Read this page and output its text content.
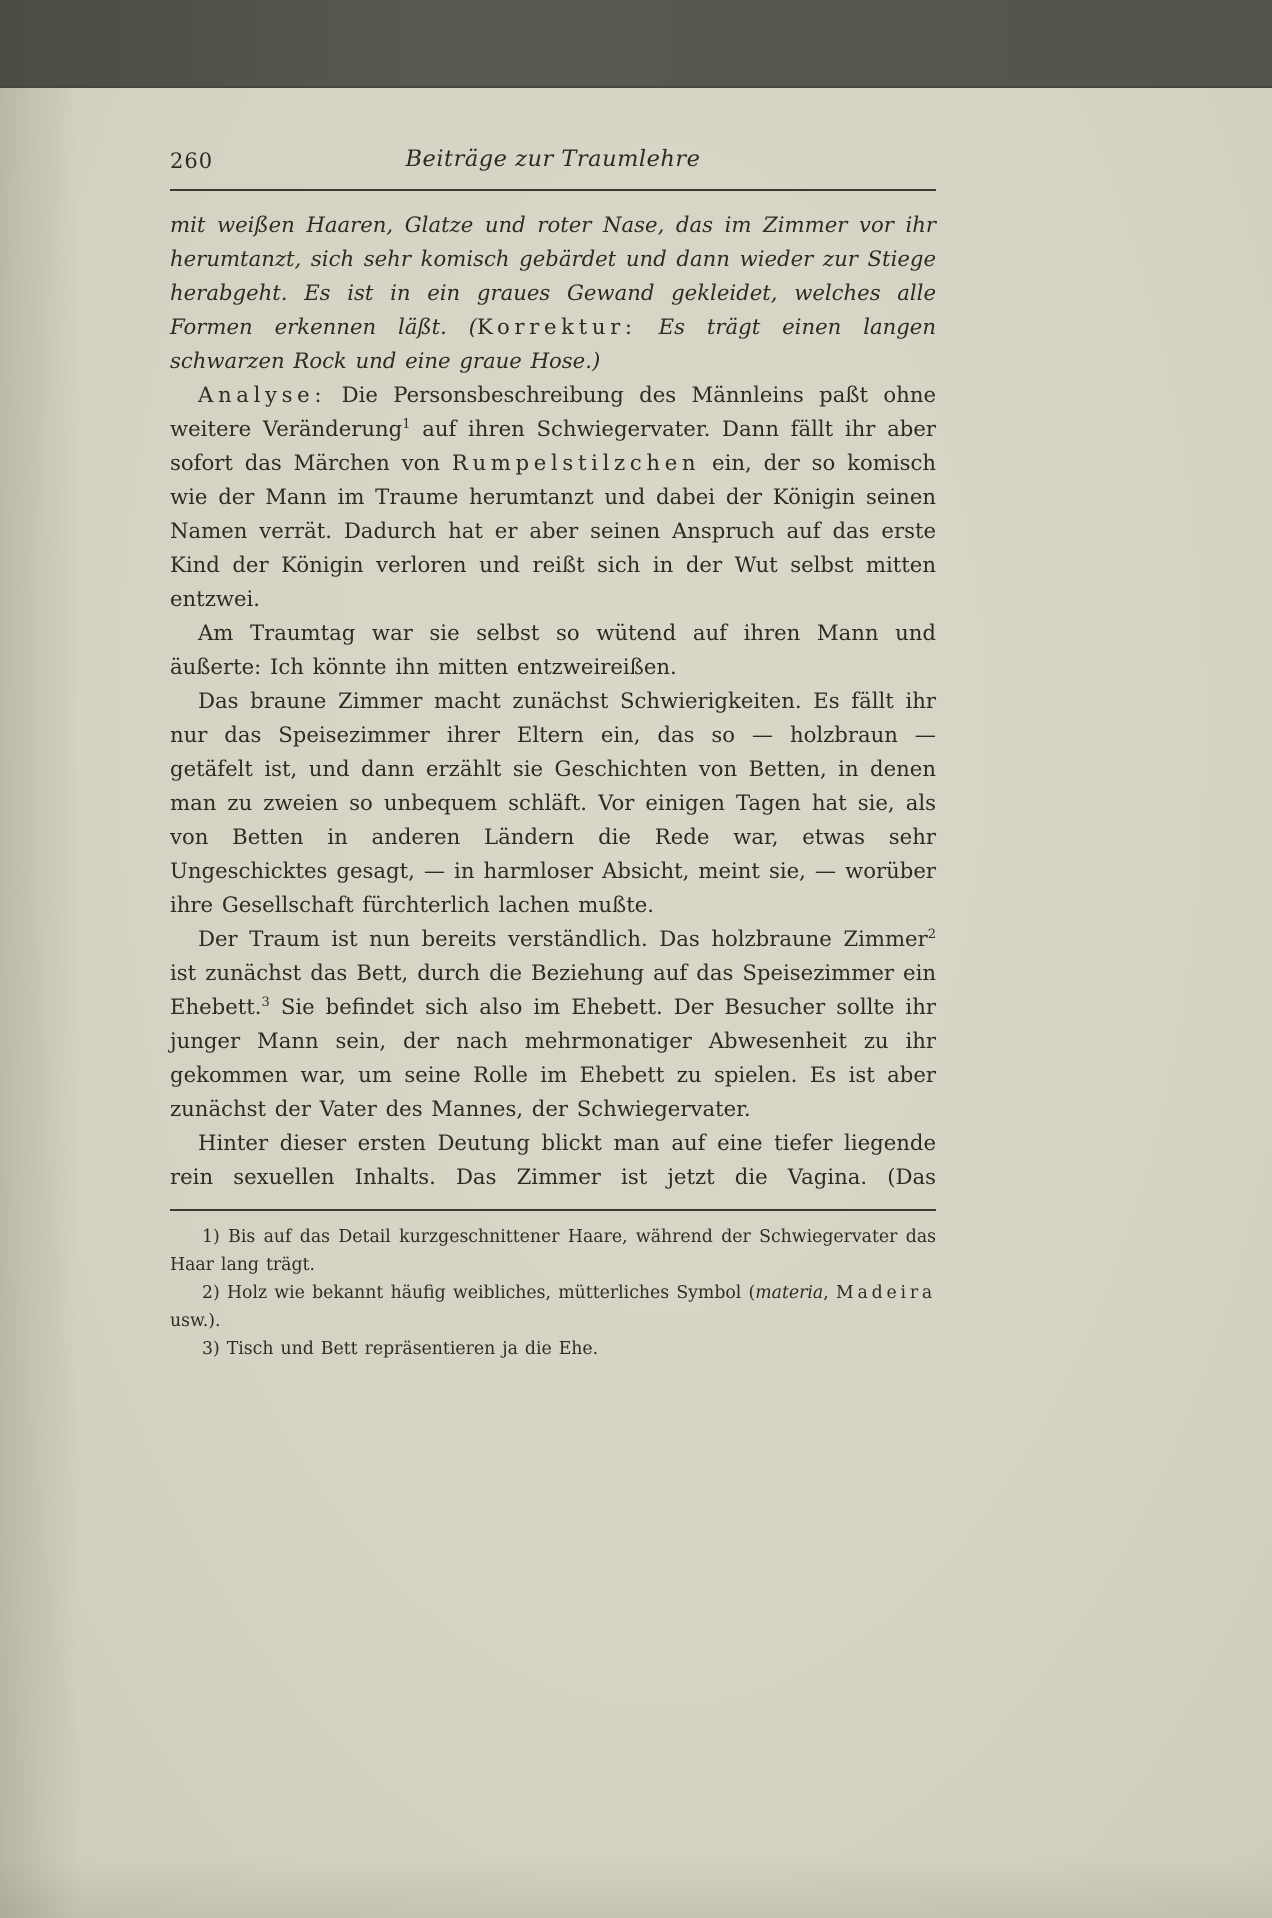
260	Beiträge zur Traumlehre

mit weißen Haaren, Glatze und roter Nase, das im Zimmer vor ihr herumtanzt, sich sehr komisch gebärdet und dann wieder zur Stiege herabgeht. Es ist in ein graues Gewand gekleidet, welches alle Formen erkennen läßt. (Korrektur: Es trägt einen langen schwarzen Rock und eine graue Hose.)

Analyse: Die Personsbeschreibung des Männleins paßt ohne weitere Veränderung$^1$ auf ihren Schwiegervater. Dann fällt ihr aber sofort das Märchen von Rumpelstilzchen ein, der so komisch wie der Mann im Traume herumtanzt und dabei der Königin seinen Namen verrät. Dadurch hat er aber seinen Anspruch auf das erste Kind der Königin verloren und reißt sich in der Wut selbst mitten entzwei.

Am Traumtag war sie selbst so wütend auf ihren Mann und äußerte: Ich könnte ihn mitten entzweireißen.

Das braune Zimmer macht zunächst Schwierigkeiten. Es fällt ihr nur das Speisezimmer ihrer Eltern ein, das so — holzbraun — getäfelt ist, und dann erzählt sie Geschichten von Betten, in denen man zu zweien so unbequem schläft. Vor einigen Tagen hat sie, als von Betten in anderen Ländern die Rede war, etwas sehr Ungeschicktes gesagt, — in harmloser Absicht, meint sie, — worüber ihre Gesellschaft fürchterlich lachen mußte.

Der Traum ist nun bereits verständlich. Das holzbraune Zimmer$^2$ ist zunächst das Bett, durch die Beziehung auf das Speisezimmer ein Ehebett.$^3$ Sie befindet sich also im Ehebett. Der Besucher sollte ihr junger Mann sein, der nach mehrmonatiger Abwesenheit zu ihr gekommen war, um seine Rolle im Ehebett zu spielen. Es ist aber zunächst der Vater des Mannes, der Schwiegervater.

Hinter dieser ersten Deutung blickt man auf eine tiefer liegende rein sexuellen Inhalts. Das Zimmer ist jetzt die Vagina. (Das

1) Bis auf das Detail kurzgeschnittener Haare, während der Schwiegervater das Haar lang trägt.

2) Holz wie bekannt häufig weibliches, mütterliches Symbol (materia, Madeira usw.).

3) Tisch und Bett repräsentieren ja die Ehe.
